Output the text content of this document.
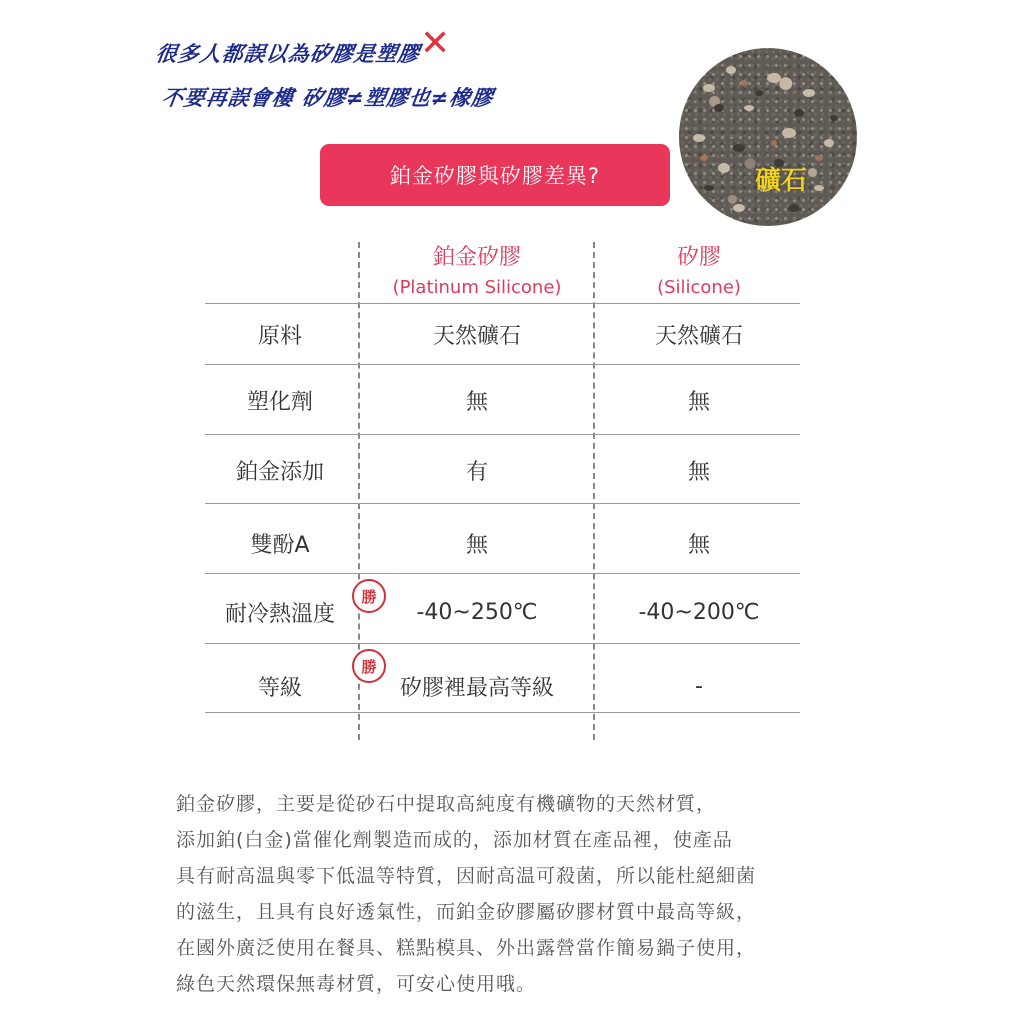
很多人都誤以為矽膠是塑膠
✕
不要再誤會樓 矽膠≠塑膠也≠橡膠
鉑金矽膠與矽膠差異?	礦石
鉑金矽膠
(Platinum Silicone)
矽膠
(Silicone)
原料	天然礦石	天然礦石
塑化劑	無	無
鉑金添加	有	無
雙酚A	無	無
耐冷熱溫度	-40~250℃	-40~200℃
勝
等級	矽膠裡最高等級	-
勝
鉑金矽膠，主要是從砂石中提取高純度有機礦物的天然材質，
添加鉑(白金)當催化劑製造而成的，添加材質在產品裡，使產品
具有耐高温與零下低温等特質，因耐高温可殺菌，所以能杜絕細菌
的滋生，且具有良好透氣性，而鉑金矽膠屬矽膠材質中最高等級，
在國外廣泛使用在餐具、糕點模具、外出露營當作簡易鍋子使用，
綠色天然環保無毒材質，可安心使用哦。
